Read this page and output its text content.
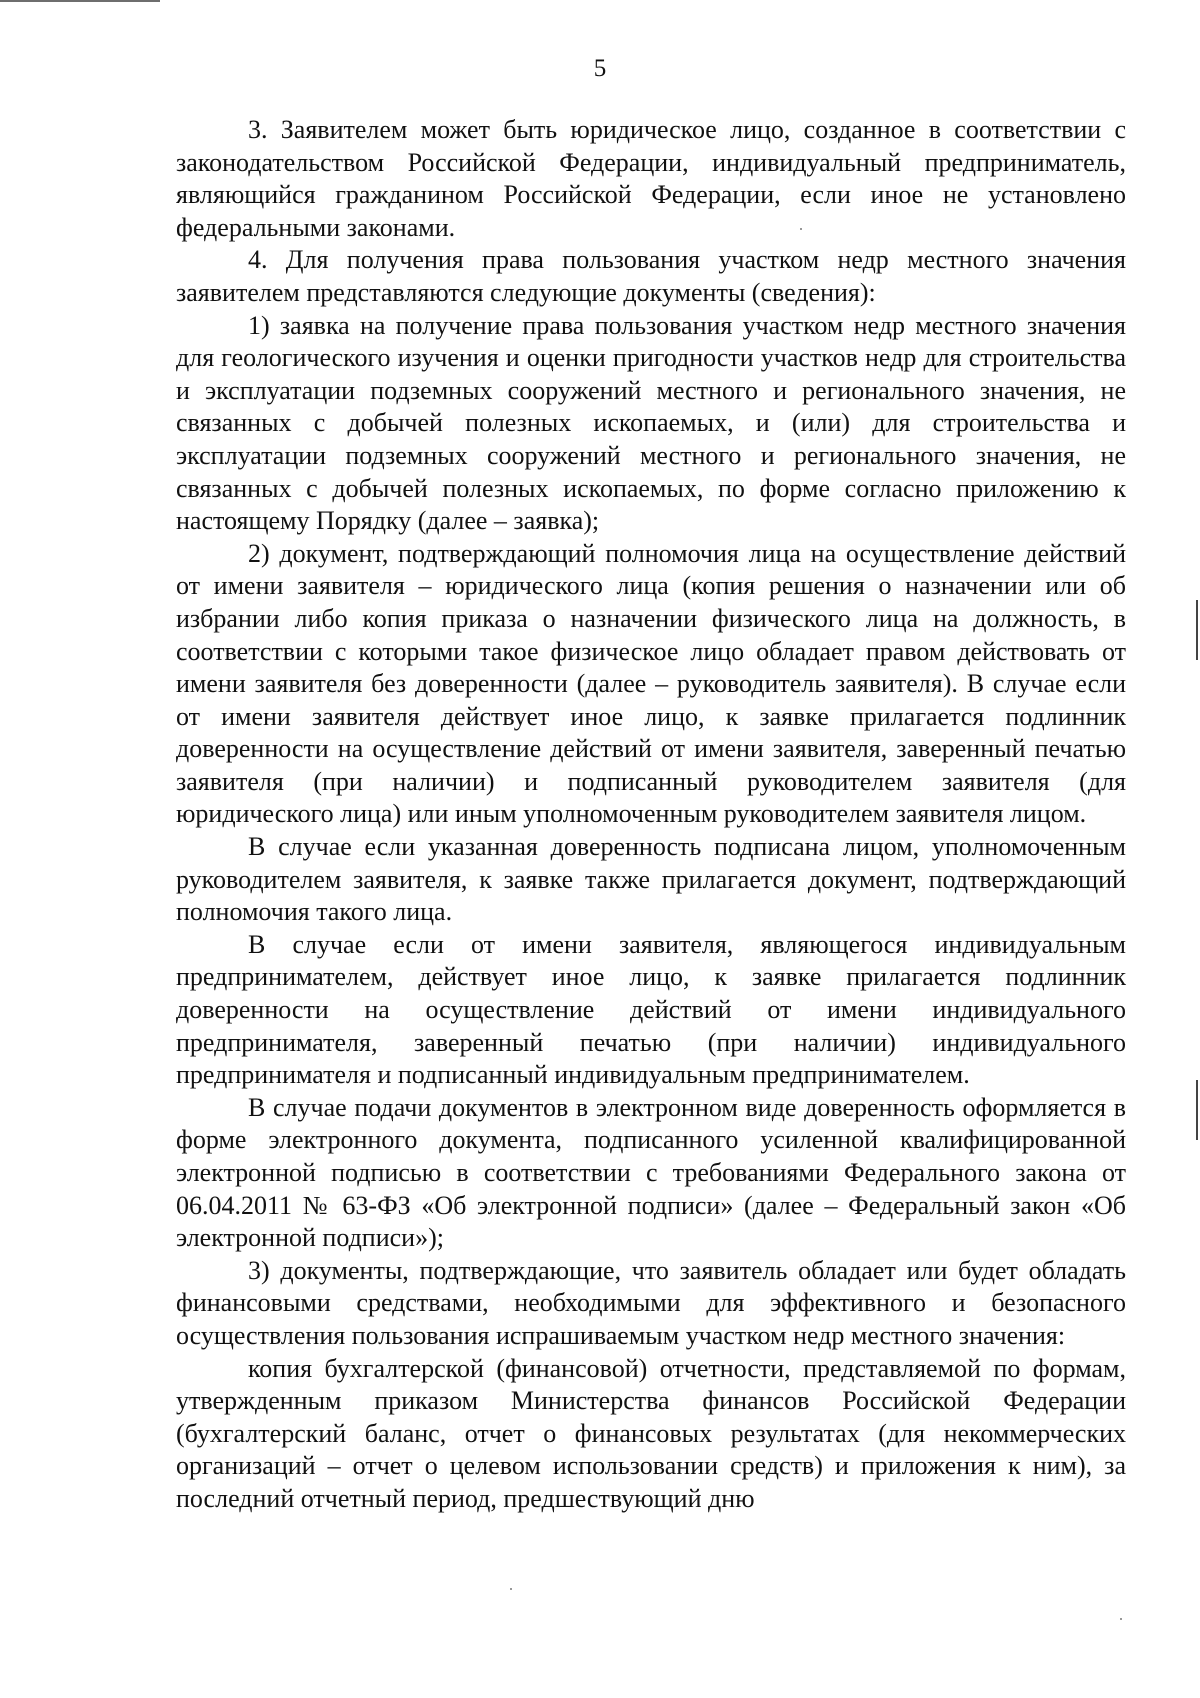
5

3. Заявителем может быть юридическое лицо, созданное в соответствии с законодательством Российской Федерации, индивидуальный предприниматель, являющийся гражданином Российской Федерации, если иное не установлено федеральными законами.

4. Для получения права пользования участком недр местного значения заявителем представляются следующие документы (сведения):

1) заявка на получение права пользования участком недр местного значения для геологического изучения и оценки пригодности участков недр для строительства и эксплуатации подземных сооружений местного и регионального значения, не связанных с добычей полезных ископаемых, и (или) для строительства и эксплуатации подземных сооружений местного и регионального значения, не связанных с добычей полезных ископаемых, по форме согласно приложению к настоящему Порядку (далее – заявка);

2) документ, подтверждающий полномочия лица на осуществление действий от имени заявителя – юридического лица (копия решения о назначении или об избрании либо копия приказа о назначении физического лица на должность, в соответствии с которыми такое физическое лицо обладает правом действовать от имени заявителя без доверенности (далее – руководитель заявителя). В случае если от имени заявителя действует иное лицо, к заявке прилагается подлинник доверенности на осуществление действий от имени заявителя, заверенный печатью заявителя (при наличии) и подписанный руководителем заявителя (для юридического лица) или иным уполномоченным руководителем заявителя лицом.

В случае если указанная доверенность подписана лицом, уполномоченным руководителем заявителя, к заявке также прилагается документ, подтверждающий полномочия такого лица.

В случае если от имени заявителя, являющегося индивидуальным предпринимателем, действует иное лицо, к заявке прилагается подлинник доверенности на осуществление действий от имени индивидуального предпринимателя, заверенный печатью (при наличии) индивидуального предпринимателя и подписанный индивидуальным предпринимателем.

В случае подачи документов в электронном виде доверенность оформляется в форме электронного документа, подписанного усиленной квалифицированной электронной подписью в соответствии с требованиями Федерального закона от 06.04.2011 № 63-ФЗ «Об электронной подписи» (далее – Федеральный закон «Об электронной подписи»);

3) документы, подтверждающие, что заявитель обладает или будет обладать финансовыми средствами, необходимыми для эффективного и безопасного осуществления пользования испрашиваемым участком недр местного значения:

копия бухгалтерской (финансовой) отчетности, представляемой по формам, утвержденным приказом Министерства финансов Российской Федерации (бухгалтерский баланс, отчет о финансовых результатах (для некоммерческих организаций – отчет о целевом использовании средств) и приложения к ним), за последний отчетный период, предшествующий дню
